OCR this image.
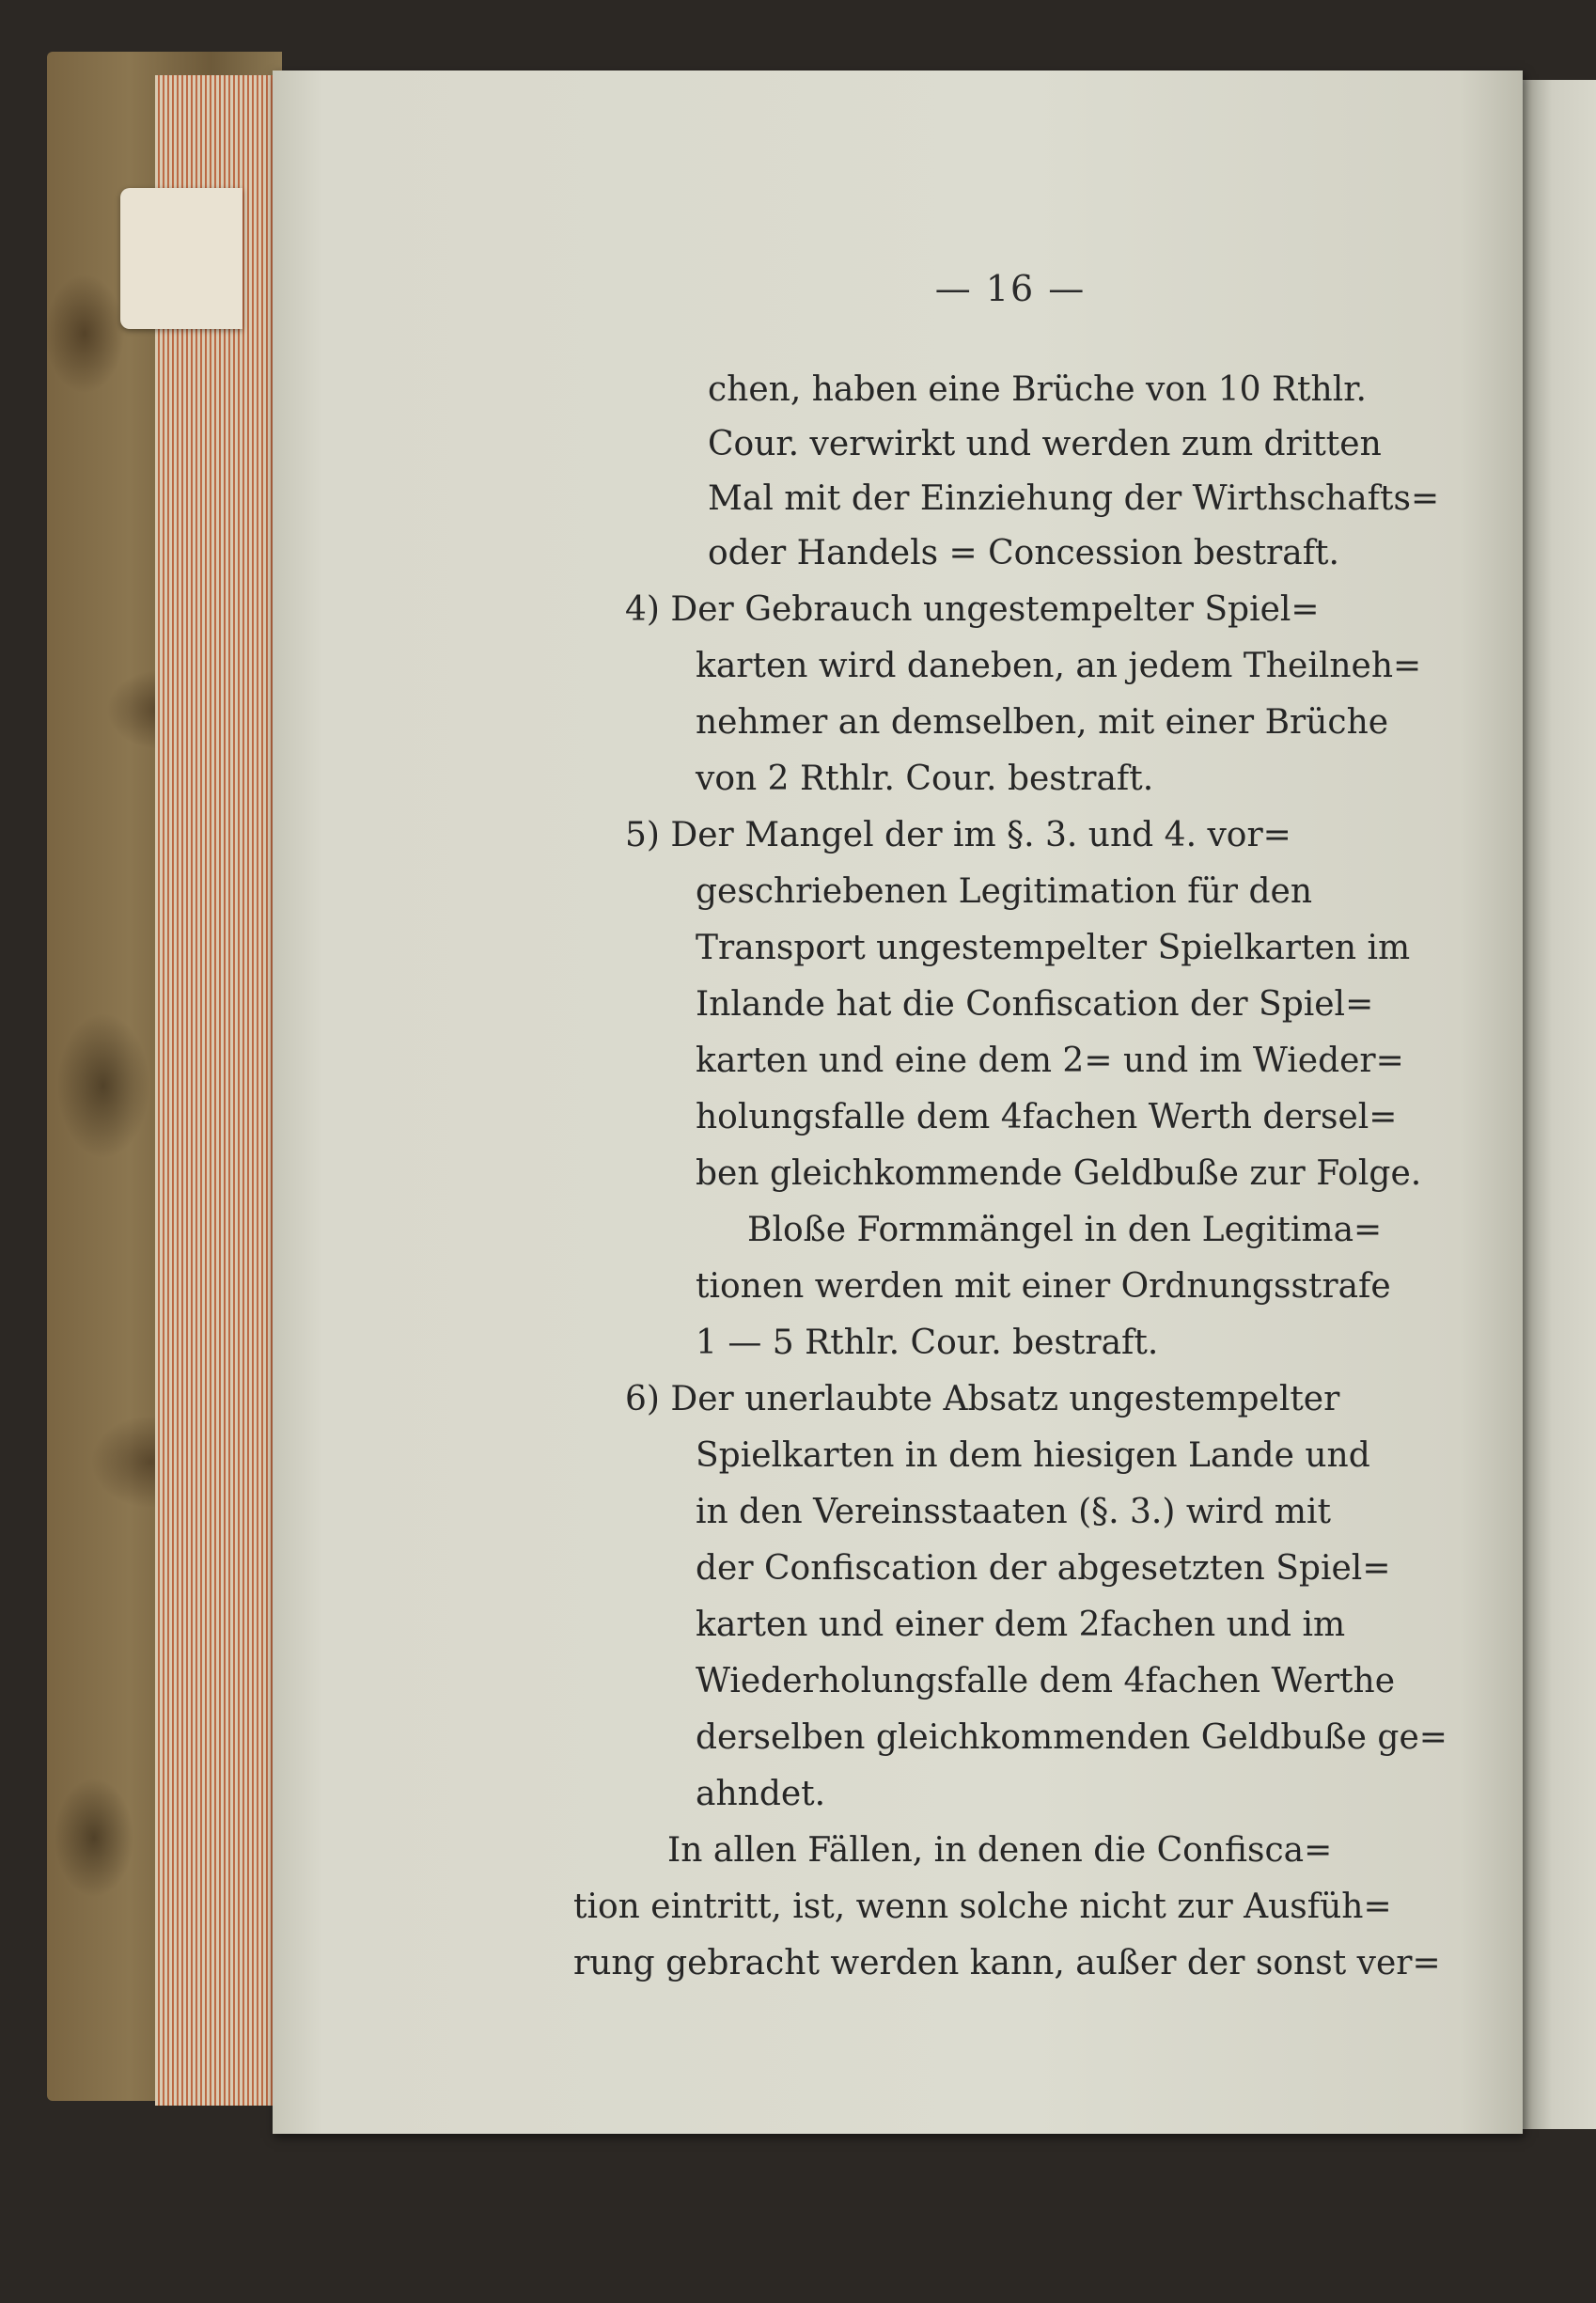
— 16 —
chen, haben eine Brüche von 10 Rthlr.
Cour. verwirkt und werden zum dritten
Mal mit der Einziehung der Wirthschafts=
oder Handels = Concession bestraft.
4) Der Gebrauch ungestempelter Spiel=
karten wird daneben, an jedem Theilneh=
nehmer an demselben, mit einer Brüche
von 2 Rthlr. Cour. bestraft.
5) Der Mangel der im §. 3. und 4. vor=
geschriebenen Legitimation für den
Transport ungestempelter Spielkarten im
Inlande hat die Confiscation der Spiel=
karten und eine dem 2= und im Wieder=
holungsfalle dem 4fachen Werth dersel=
ben gleichkommende Geldbuße zur Folge.
Bloße Formmängel in den Legitima=
tionen werden mit einer Ordnungsstrafe
1 — 5 Rthlr. Cour. bestraft.
6) Der unerlaubte Absatz ungestempelter
Spielkarten in dem hiesigen Lande und
in den Vereinsstaaten (§. 3.) wird mit
der Confiscation der abgesetzten Spiel=
karten und einer dem 2fachen und im
Wiederholungsfalle dem 4fachen Werthe
derselben gleichkommenden Geldbuße ge=
ahndet.
In allen Fällen, in denen die Confisca=
tion eintritt, ist, wenn solche nicht zur Ausfüh=
rung gebracht werden kann, außer der sonst ver=
